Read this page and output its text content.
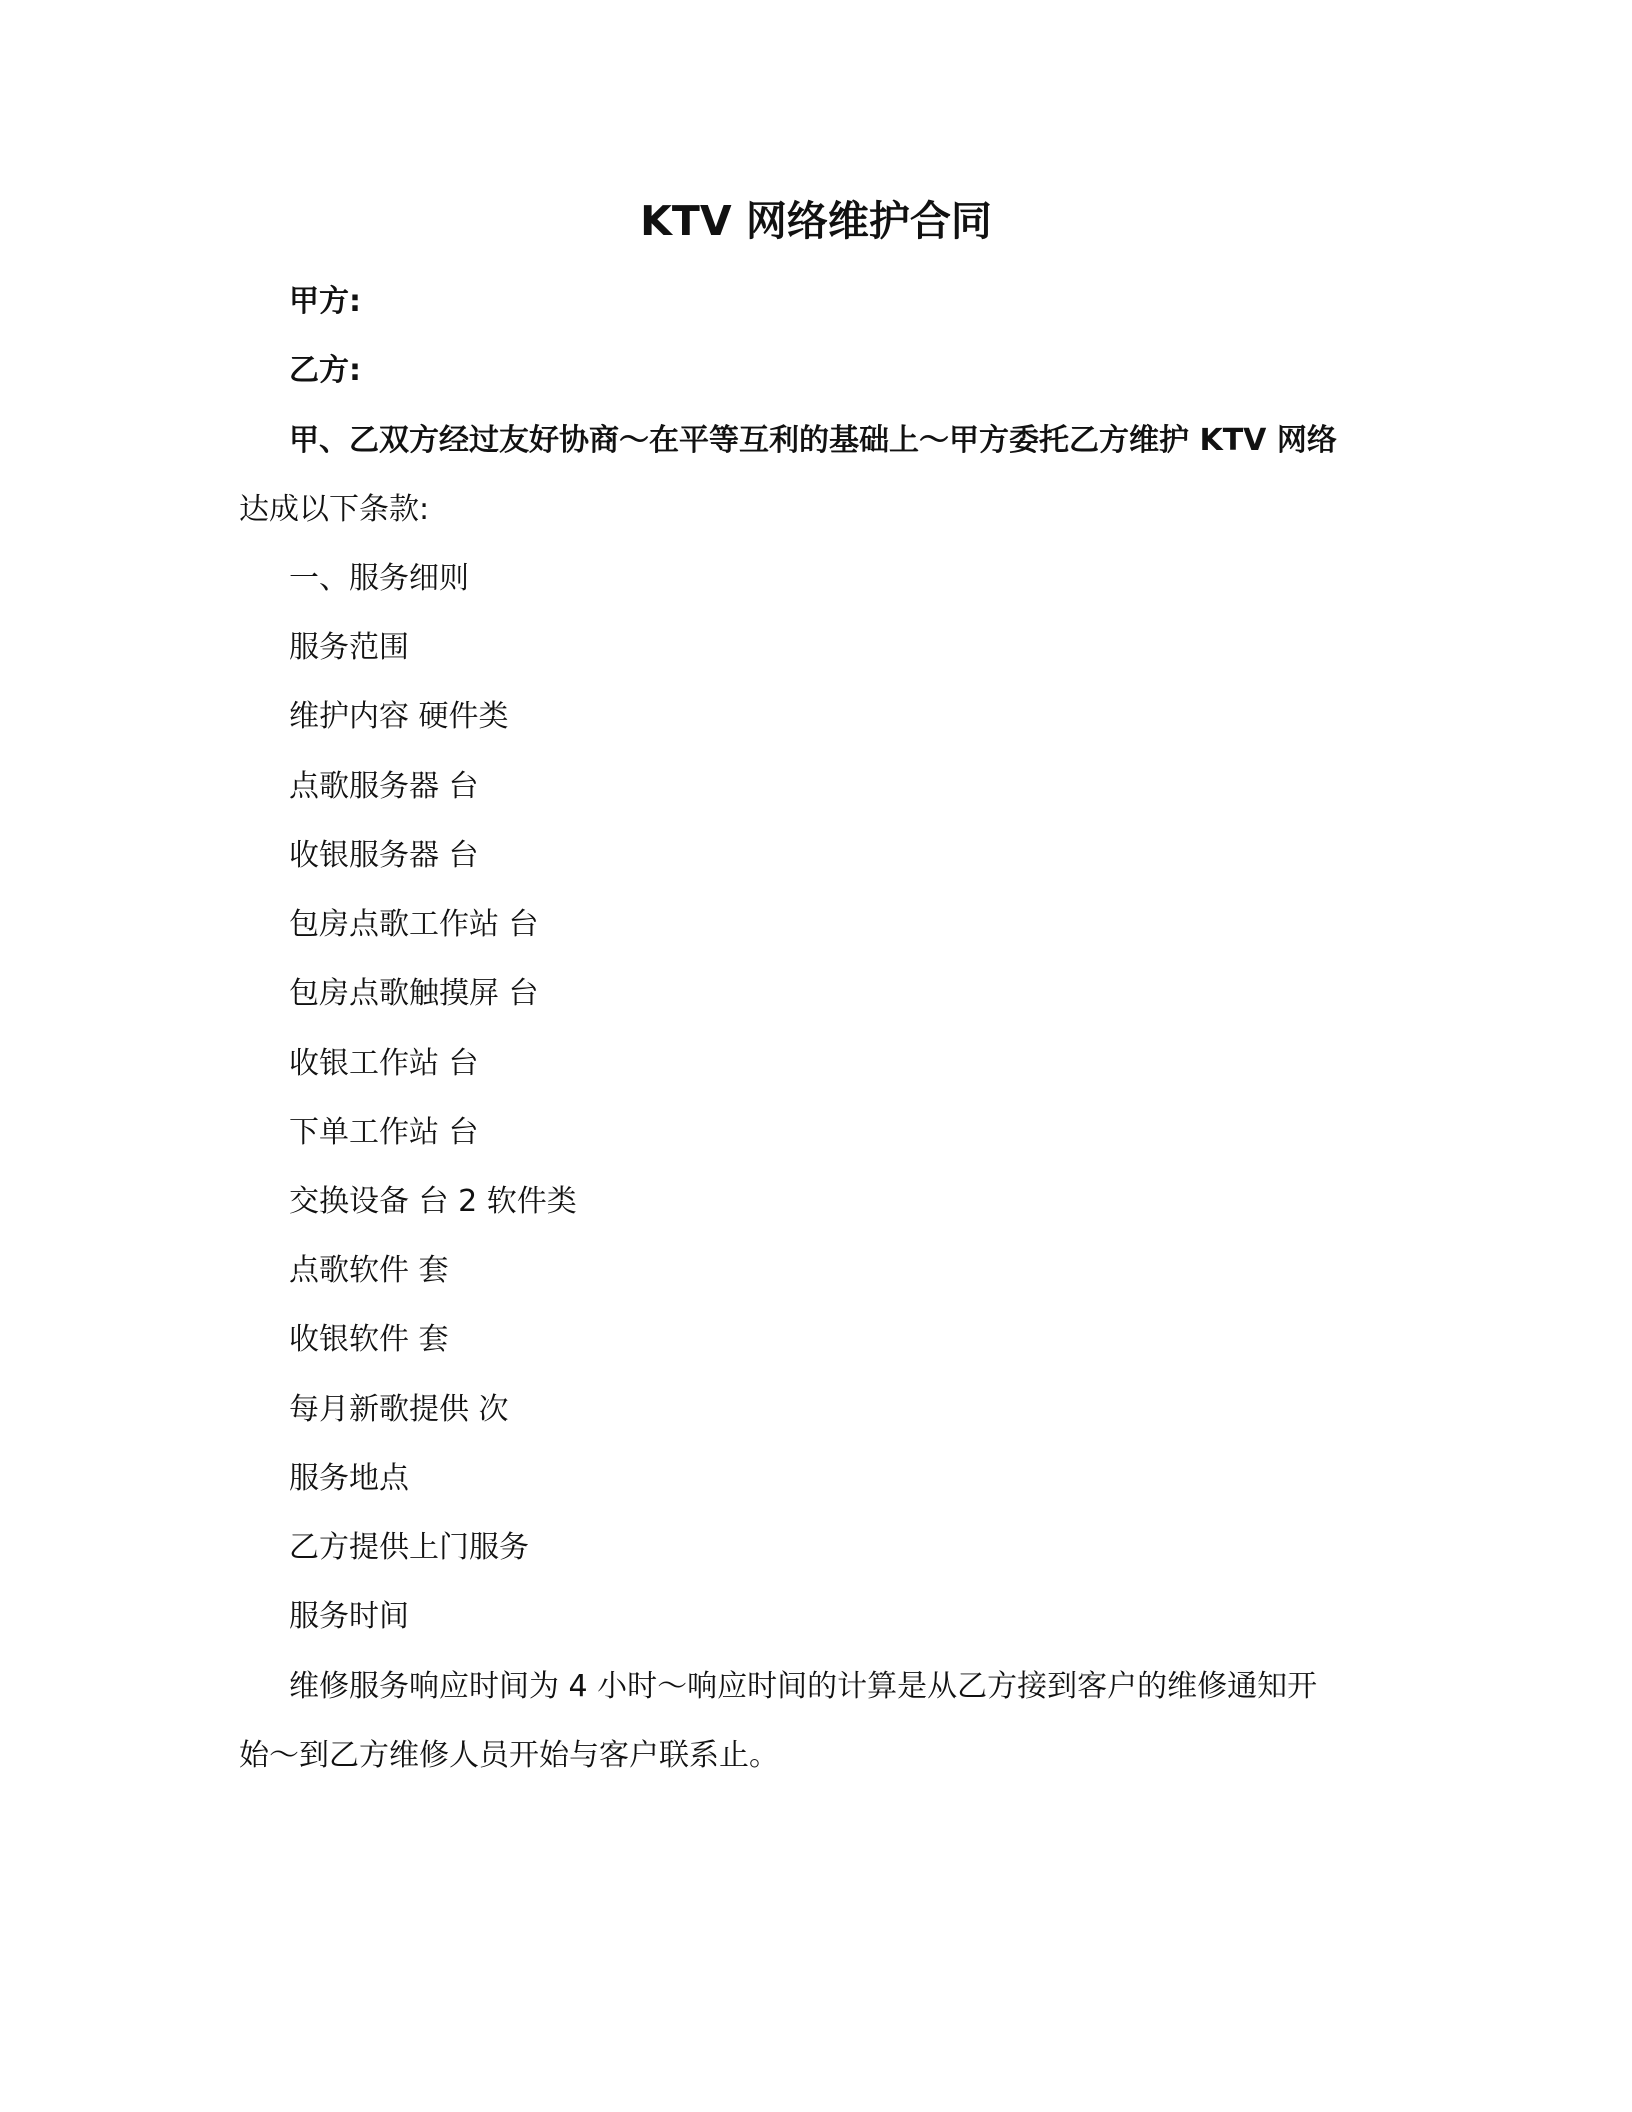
KTV 网络维护合同
甲方:
乙方:
甲、乙双方经过友好协商～在平等互利的基础上～甲方委托乙方维护 KTV 网络
达成以下条款:
一、服务细则
服务范围
维护内容 硬件类
点歌服务器 台
收银服务器 台
包房点歌工作站 台
包房点歌触摸屏 台
收银工作站 台
下单工作站 台
交换设备 台 2 软件类
点歌软件 套
收银软件 套
每月新歌提供 次
服务地点
乙方提供上门服务
服务时间
维修服务响应时间为 4 小时～响应时间的计算是从乙方接到客户的维修通知开
始～到乙方维修人员开始与客户联系止。
